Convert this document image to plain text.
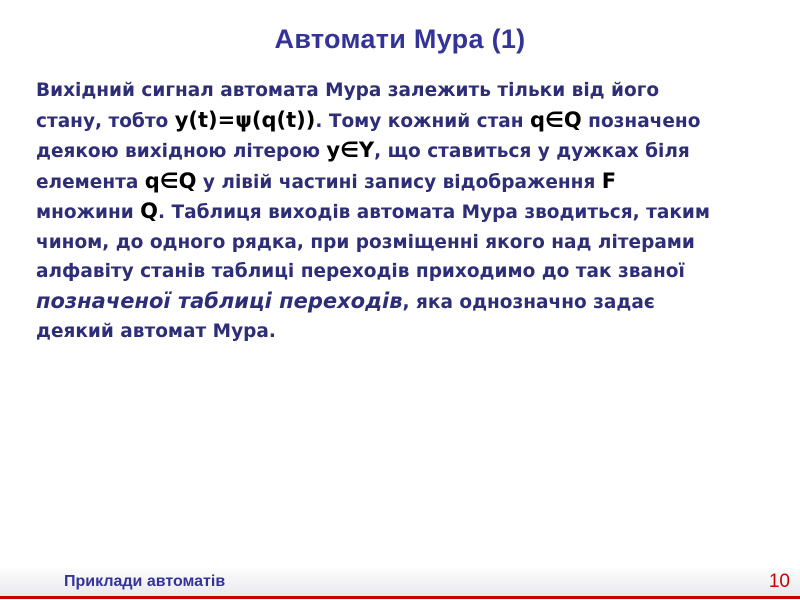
Автомати Мура (1)
Вихідний сигнал автомата Мура залежить тільки від його
стану, тобто y(t)=ψ(q(t)). Тому кожний стан q∈Q позначено
деякою вихідною літерою y∈Y, що ставиться у дужках біля
елемента q∈Q у лівій частині запису відображення F
множини Q. Таблиця виходів автомата Мура зводиться, таким
чином, до одного рядка, при розміщенні якого над літерами
алфавіту станів таблиці переходів приходимо до так званої
позначеної таблиці переходів, яка однозначно задає
деякий автомат Мура.
Приклади автоматів	10
